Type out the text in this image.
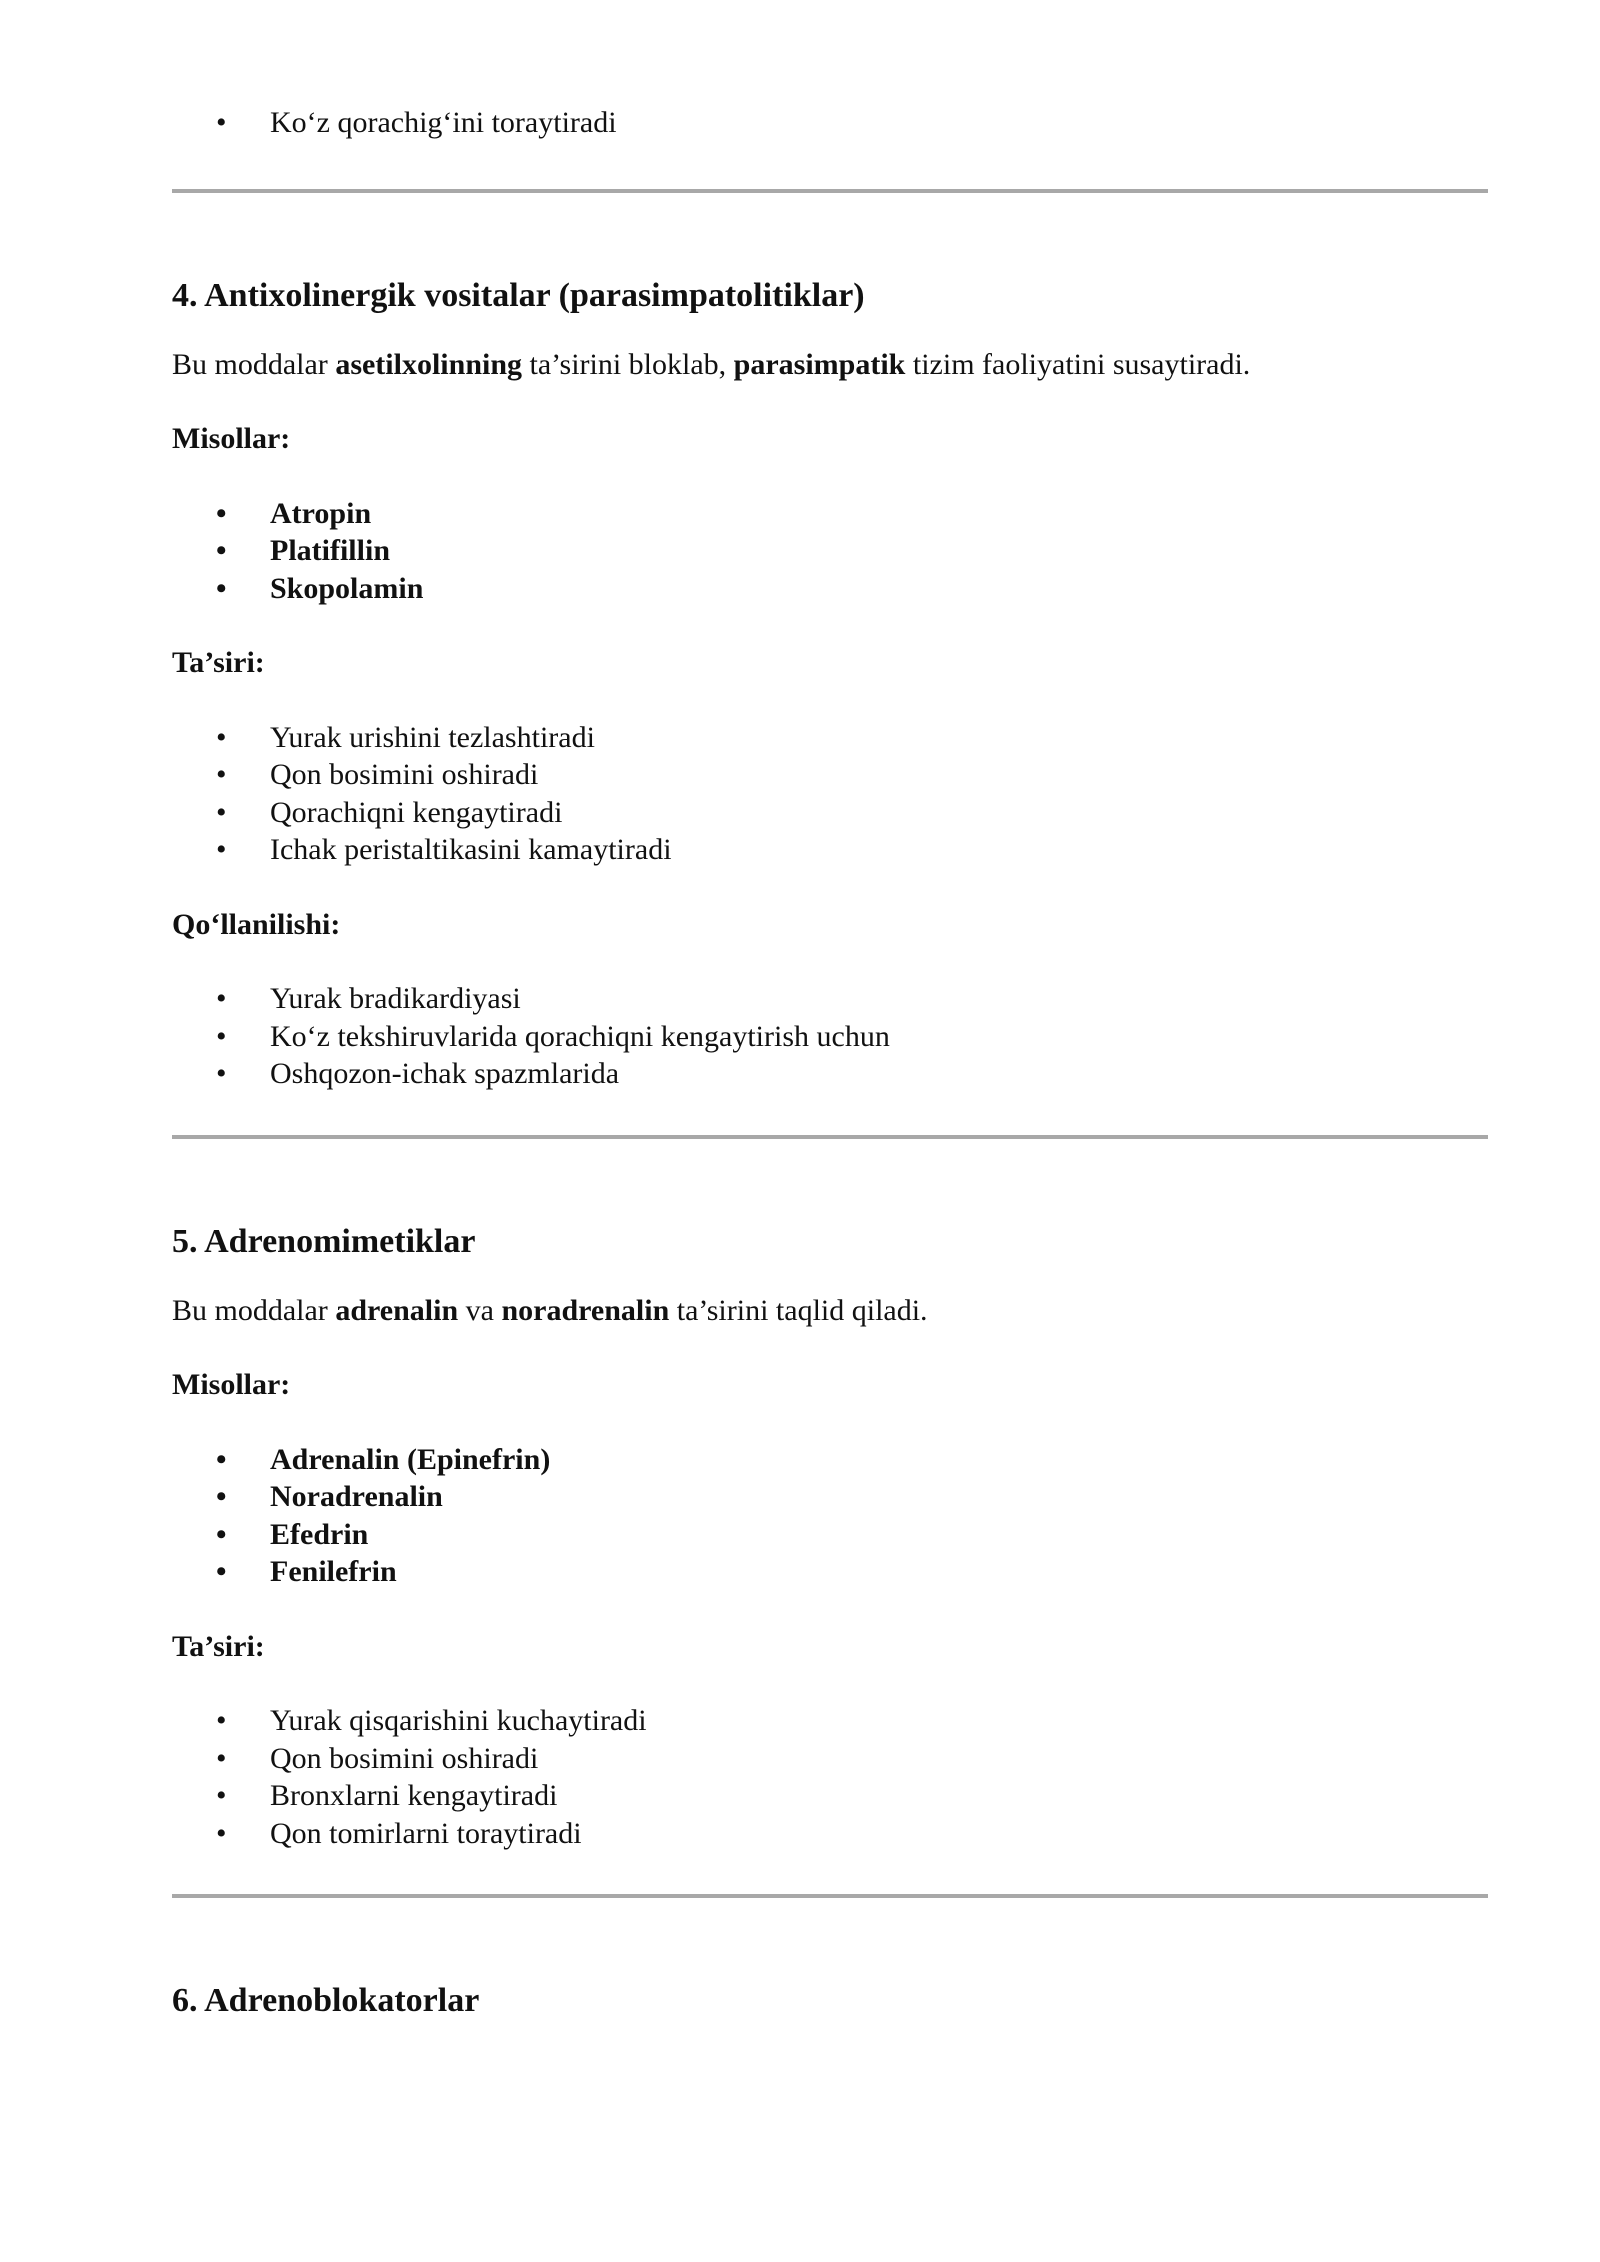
• Ko‘z qorachig‘ini toraytiradi
4. Antixolinergik vositalar (parasimpatolitiklar)

Bu moddalar asetilxolinning ta’sirini bloklab, parasimpatik tizim faoliyatini susaytiradi.

Misollar:

• Atropin
• Platifillin
• Skopolamin

Ta’siri:

• Yurak urishini tezlashtiradi
• Qon bosimini oshiradi
• Qorachiqni kengaytiradi
• Ichak peristaltikasini kamaytiradi

Qo‘llanilishi:

• Yurak bradikardiyasi
• Ko‘z tekshiruvlarida qorachiqni kengaytirish uchun
• Oshqozon-ichak spazmlarida
5. Adrenomimetiklar

Bu moddalar adrenalin va noradrenalin ta’sirini taqlid qiladi.

Misollar:

• Adrenalin (Epinefrin)
• Noradrenalin
• Efedrin
• Fenilefrin

Ta’siri:

• Yurak qisqarishini kuchaytiradi
• Qon bosimini oshiradi
• Bronxlarni kengaytiradi
• Qon tomirlarni toraytiradi
6. Adrenoblokatorlar
